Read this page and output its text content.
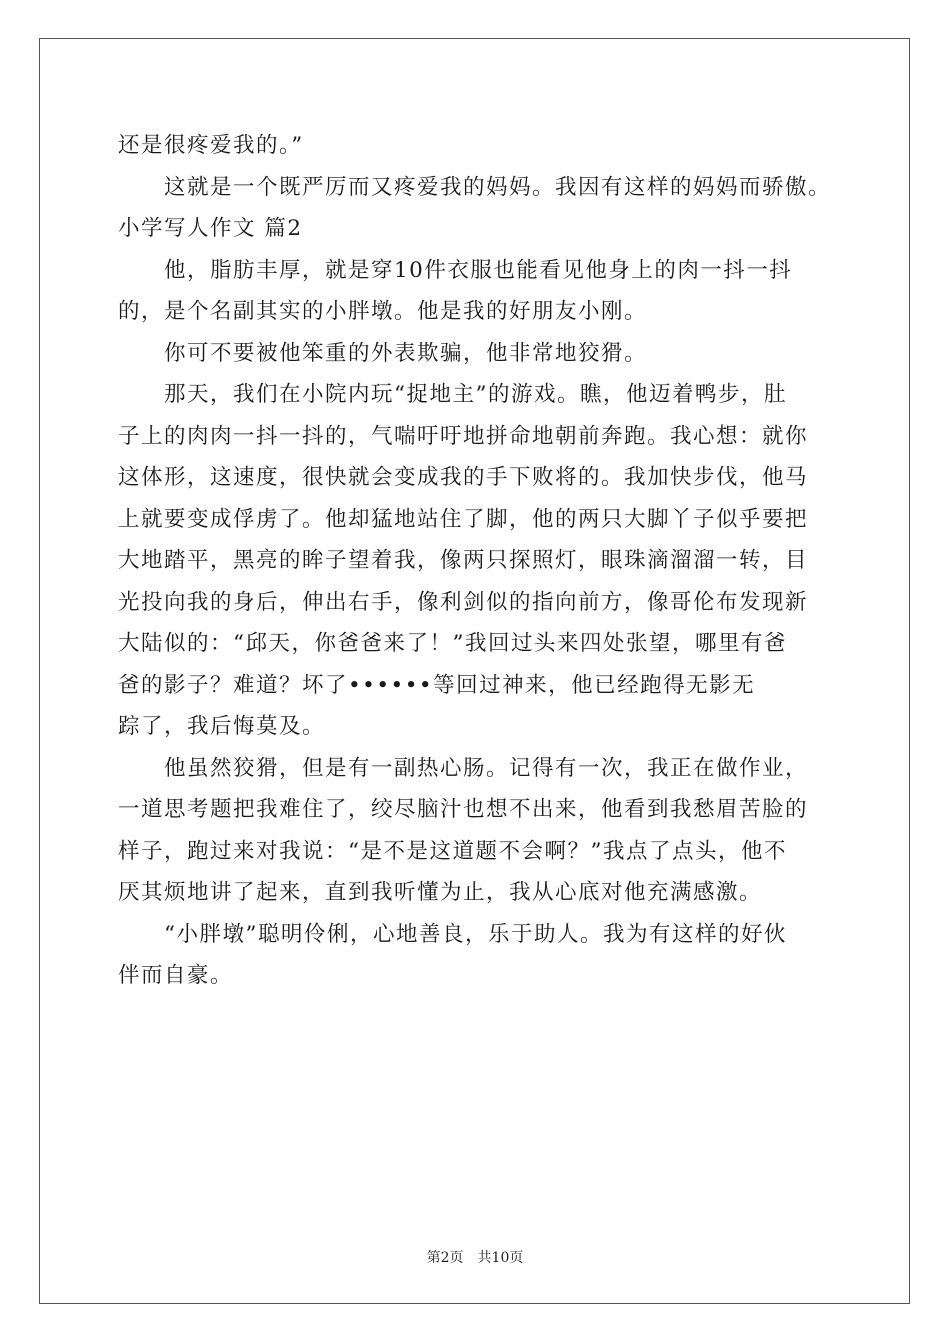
还是很疼爱我的。”

这就是一个既严厉而又疼爱我的妈妈。我因有这样的妈妈而骄傲。

小学写人作文 篇2

他，脂肪丰厚，就是穿10件衣服也能看见他身上的肉一抖一抖

的，是个名副其实的小胖墩。他是我的好朋友小刚。

你可不要被他笨重的外表欺骗，他非常地狡猾。

那天，我们在小院内玩“捉地主”的游戏。瞧，他迈着鸭步，肚

子上的肉肉一抖一抖的，气喘吁吁地拼命地朝前奔跑。我心想：就你

这体形，这速度，很快就会变成我的手下败将的。我加快步伐，他马

上就要变成俘虏了。他却猛地站住了脚，他的两只大脚丫子似乎要把

大地踏平，黑亮的眸子望着我，像两只探照灯，眼珠滴溜溜一转，目

光投向我的身后，伸出右手，像利剑似的指向前方，像哥伦布发现新

大陆似的：“邱天，你爸爸来了！”我回过头来四处张望，哪里有爸

爸的影子？难道？坏了••••••等回过神来，他已经跑得无影无

踪了，我后悔莫及。

他虽然狡猾，但是有一副热心肠。记得有一次，我正在做作业，

一道思考题把我难住了，绞尽脑汁也想不出来，他看到我愁眉苦脸的

样子，跑过来对我说：“是不是这道题不会啊？”我点了点头，他不

厌其烦地讲了起来，直到我听懂为止，我从心底对他充满感激。

“小胖墩”聪明伶俐，心地善良，乐于助人。我为有这样的好伙

伴而自豪。

第2页 共10页
